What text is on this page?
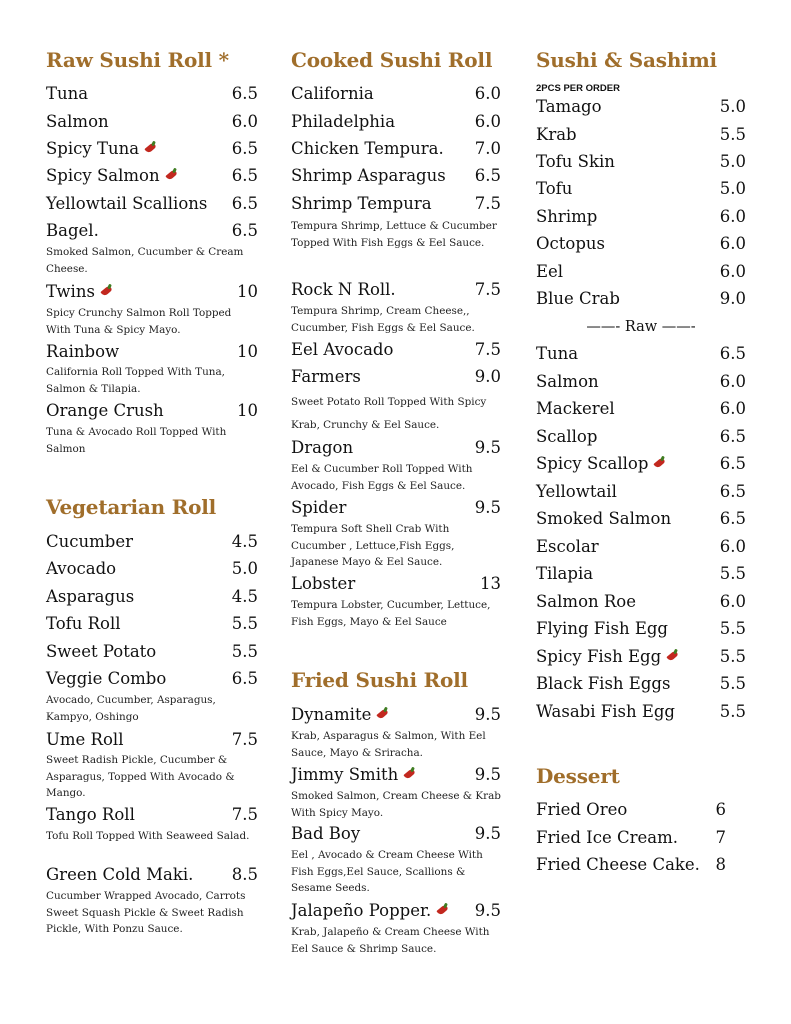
Raw Sushi Roll *
Tuna	6.5
Salmon	6.0
Spicy Tuna	6.5
Spicy Salmon	6.5
Yellowtail Scallions 6.5
Bagel.	6.5
Smoked Salmon, Cucumber & Cream Cheese.
Twins	10
Spicy Crunchy Salmon Roll Topped With Tuna & Spicy Mayo.
Rainbow	10
California Roll Topped With Tuna, Salmon & Tilapia.
Orange Crush	10
Tuna & Avocado Roll Topped With Salmon
Vegetarian Roll
Cucumber	4.5
Avocado	5.0
Asparagus	4.5
Tofu Roll	5.5
Sweet Potato	5.5
Veggie Combo	6.5
Avocado, Cucumber, Asparagus, Kampyo, Oshingo
Ume Roll	7.5
Sweet Radish Pickle, Cucumber & Asparagus, Topped With Avocado & Mango.
Tango Roll	7.5
Tofu Roll Topped With Seaweed Salad.
Green Cold Maki. 8.5
Cucumber Wrapped Avocado, Carrots Sweet Squash Pickle & Sweet Radish Pickle, With Ponzu Sauce.
Cooked Sushi Roll
California	6.0
Philadelphia	6.0
Chicken Tempura. 7.0
Shrimp Asparagus 6.5
Shrimp Tempura	7.5
Tempura Shrimp, Lettuce & Cucumber Topped With Fish Eggs & Eel Sauce.
Rock N Roll.	7.5
Tempura Shrimp, Cream Cheese,, Cucumber, Fish Eggs & Eel Sauce.
Eel Avocado	7.5
Farmers	9.0
Sweet Potato Roll Topped With Spicy Krab, Crunchy & Eel Sauce.
Dragon	9.5
Eel & Cucumber Roll Topped With Avocado, Fish Eggs & Eel Sauce.
Spider	9.5
Tempura Soft Shell Crab With Cucumber , Lettuce,Fish Eggs, Japanese Mayo & Eel Sauce.
Lobster	13
Tempura Lobster, Cucumber, Lettuce, Fish Eggs, Mayo & Eel Sauce
Fried Sushi Roll
Dynamite	9.5
Krab, Asparagus & Salmon, With Eel Sauce, Mayo & Sriracha.
Jimmy Smith	9.5
Smoked Salmon, Cream Cheese & Krab With Spicy Mayo.
Bad Boy	9.5
Eel , Avocado & Cream Cheese With Fish Eggs,Eel Sauce, Scallions & Sesame Seeds.
Jalapeño Popper.	9.5
Krab, Jalapeño & Cream Cheese With Eel Sauce & Shrimp Sauce.
Sushi & Sashimi
2PCS PER ORDER
Tamago	5.0
Krab	5.5
Tofu Skin	5.0
Tofu	5.0
Shrimp	6.0
Octopus	6.0
Eel	6.0
Blue Crab	9.0
——- Raw ——-
Tuna	6.5
Salmon	6.0
Mackerel	6.0
Scallop	6.5
Spicy Scallop	6.5
Yellowtail	6.5
Smoked Salmon	6.5
Escolar	6.0
Tilapia	5.5
Salmon Roe	6.0
Flying Fish Egg	5.5
Spicy Fish Egg	5.5
Black Fish Eggs	5.5
Wasabi Fish Egg	5.5
Dessert
Fried Oreo	6
Fried Ice Cream. 7
Fried Cheese Cake. 8
